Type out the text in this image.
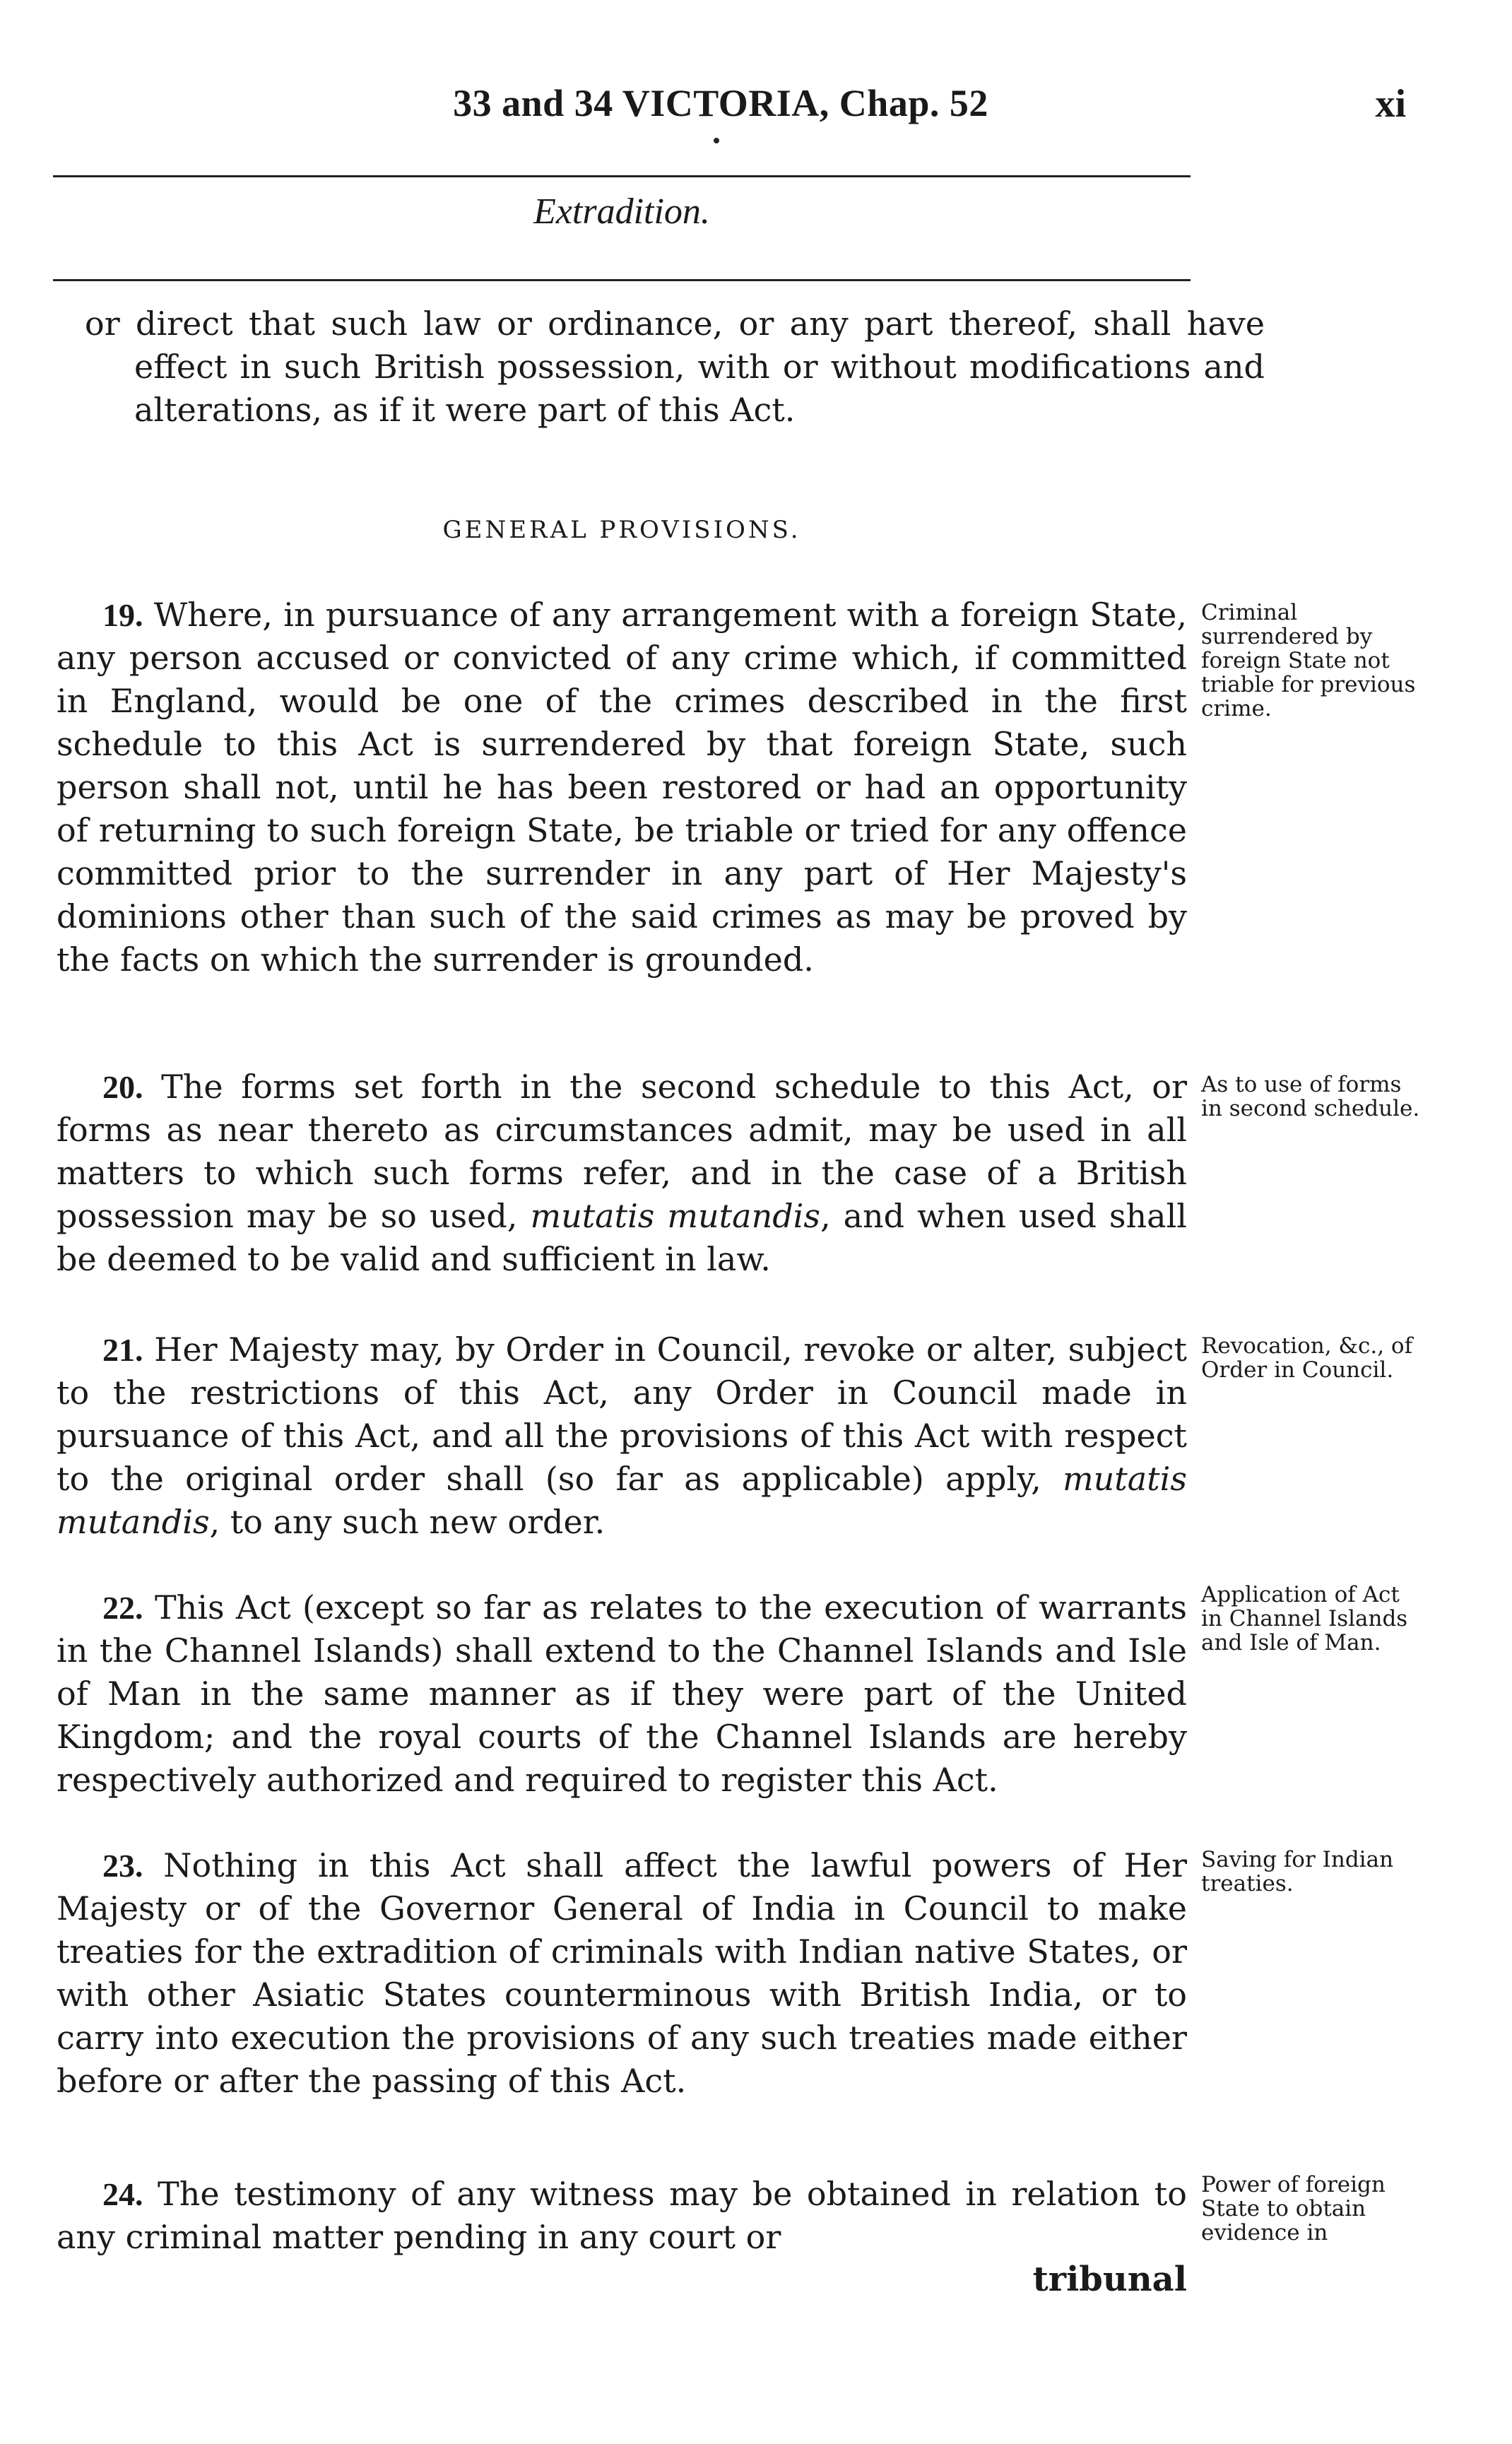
33 and 34 VICTORIA, Chap. 52	xi
Extradition.
or direct that such law or ordinance, or any part thereof, shall have effect in such British possession, with or without modifications and alterations, as if it were part of this Act.
GENERAL PROVISIONS.
19. Where, in pursuance of any arrangement with a foreign State, any person accused or convicted of any crime which, if committed in England, would be one of the crimes described in the first schedule to this Act is surrendered by that foreign State, such person shall not, until he has been restored or had an opportunity of returning to such foreign State, be triable or tried for any offence committed prior to the surrender in any part of Her Majesty's dominions other than such of the said crimes as may be proved by the facts on which the surrender is grounded.
Criminal surrendered by foreign State not triable for previous crime.
20. The forms set forth in the second schedule to this Act, or forms as near thereto as circumstances admit, may be used in all matters to which such forms refer, and in the case of a British possession may be so used, mutatis mutandis, and when used shall be deemed to be valid and sufficient in law.
As to use of forms in second schedule.
21. Her Majesty may, by Order in Council, revoke or alter, subject to the restrictions of this Act, any Order in Council made in pursuance of this Act, and all the provisions of this Act with respect to the original order shall (so far as applicable) apply, mutatis mutandis, to any such new order.
Revocation, &c., of Order in Council.
22. This Act (except so far as relates to the execution of warrants in the Channel Islands) shall extend to the Channel Islands and Isle of Man in the same manner as if they were part of the United Kingdom; and the royal courts of the Channel Islands are hereby respectively authorized and required to register this Act.
Application of Act in Channel Islands and Isle of Man.
23. Nothing in this Act shall affect the lawful powers of Her Majesty or of the Governor General of India in Council to make treaties for the extradition of criminals with Indian native States, or with other Asiatic States counterminous with British India, or to carry into execution the provisions of any such treaties made either before or after the passing of this Act.
Saving for Indian treaties.
24. The testimony of any witness may be obtained in relation to any criminal matter pending in any court or
Power of foreign State to obtain evidence in
tribunal
